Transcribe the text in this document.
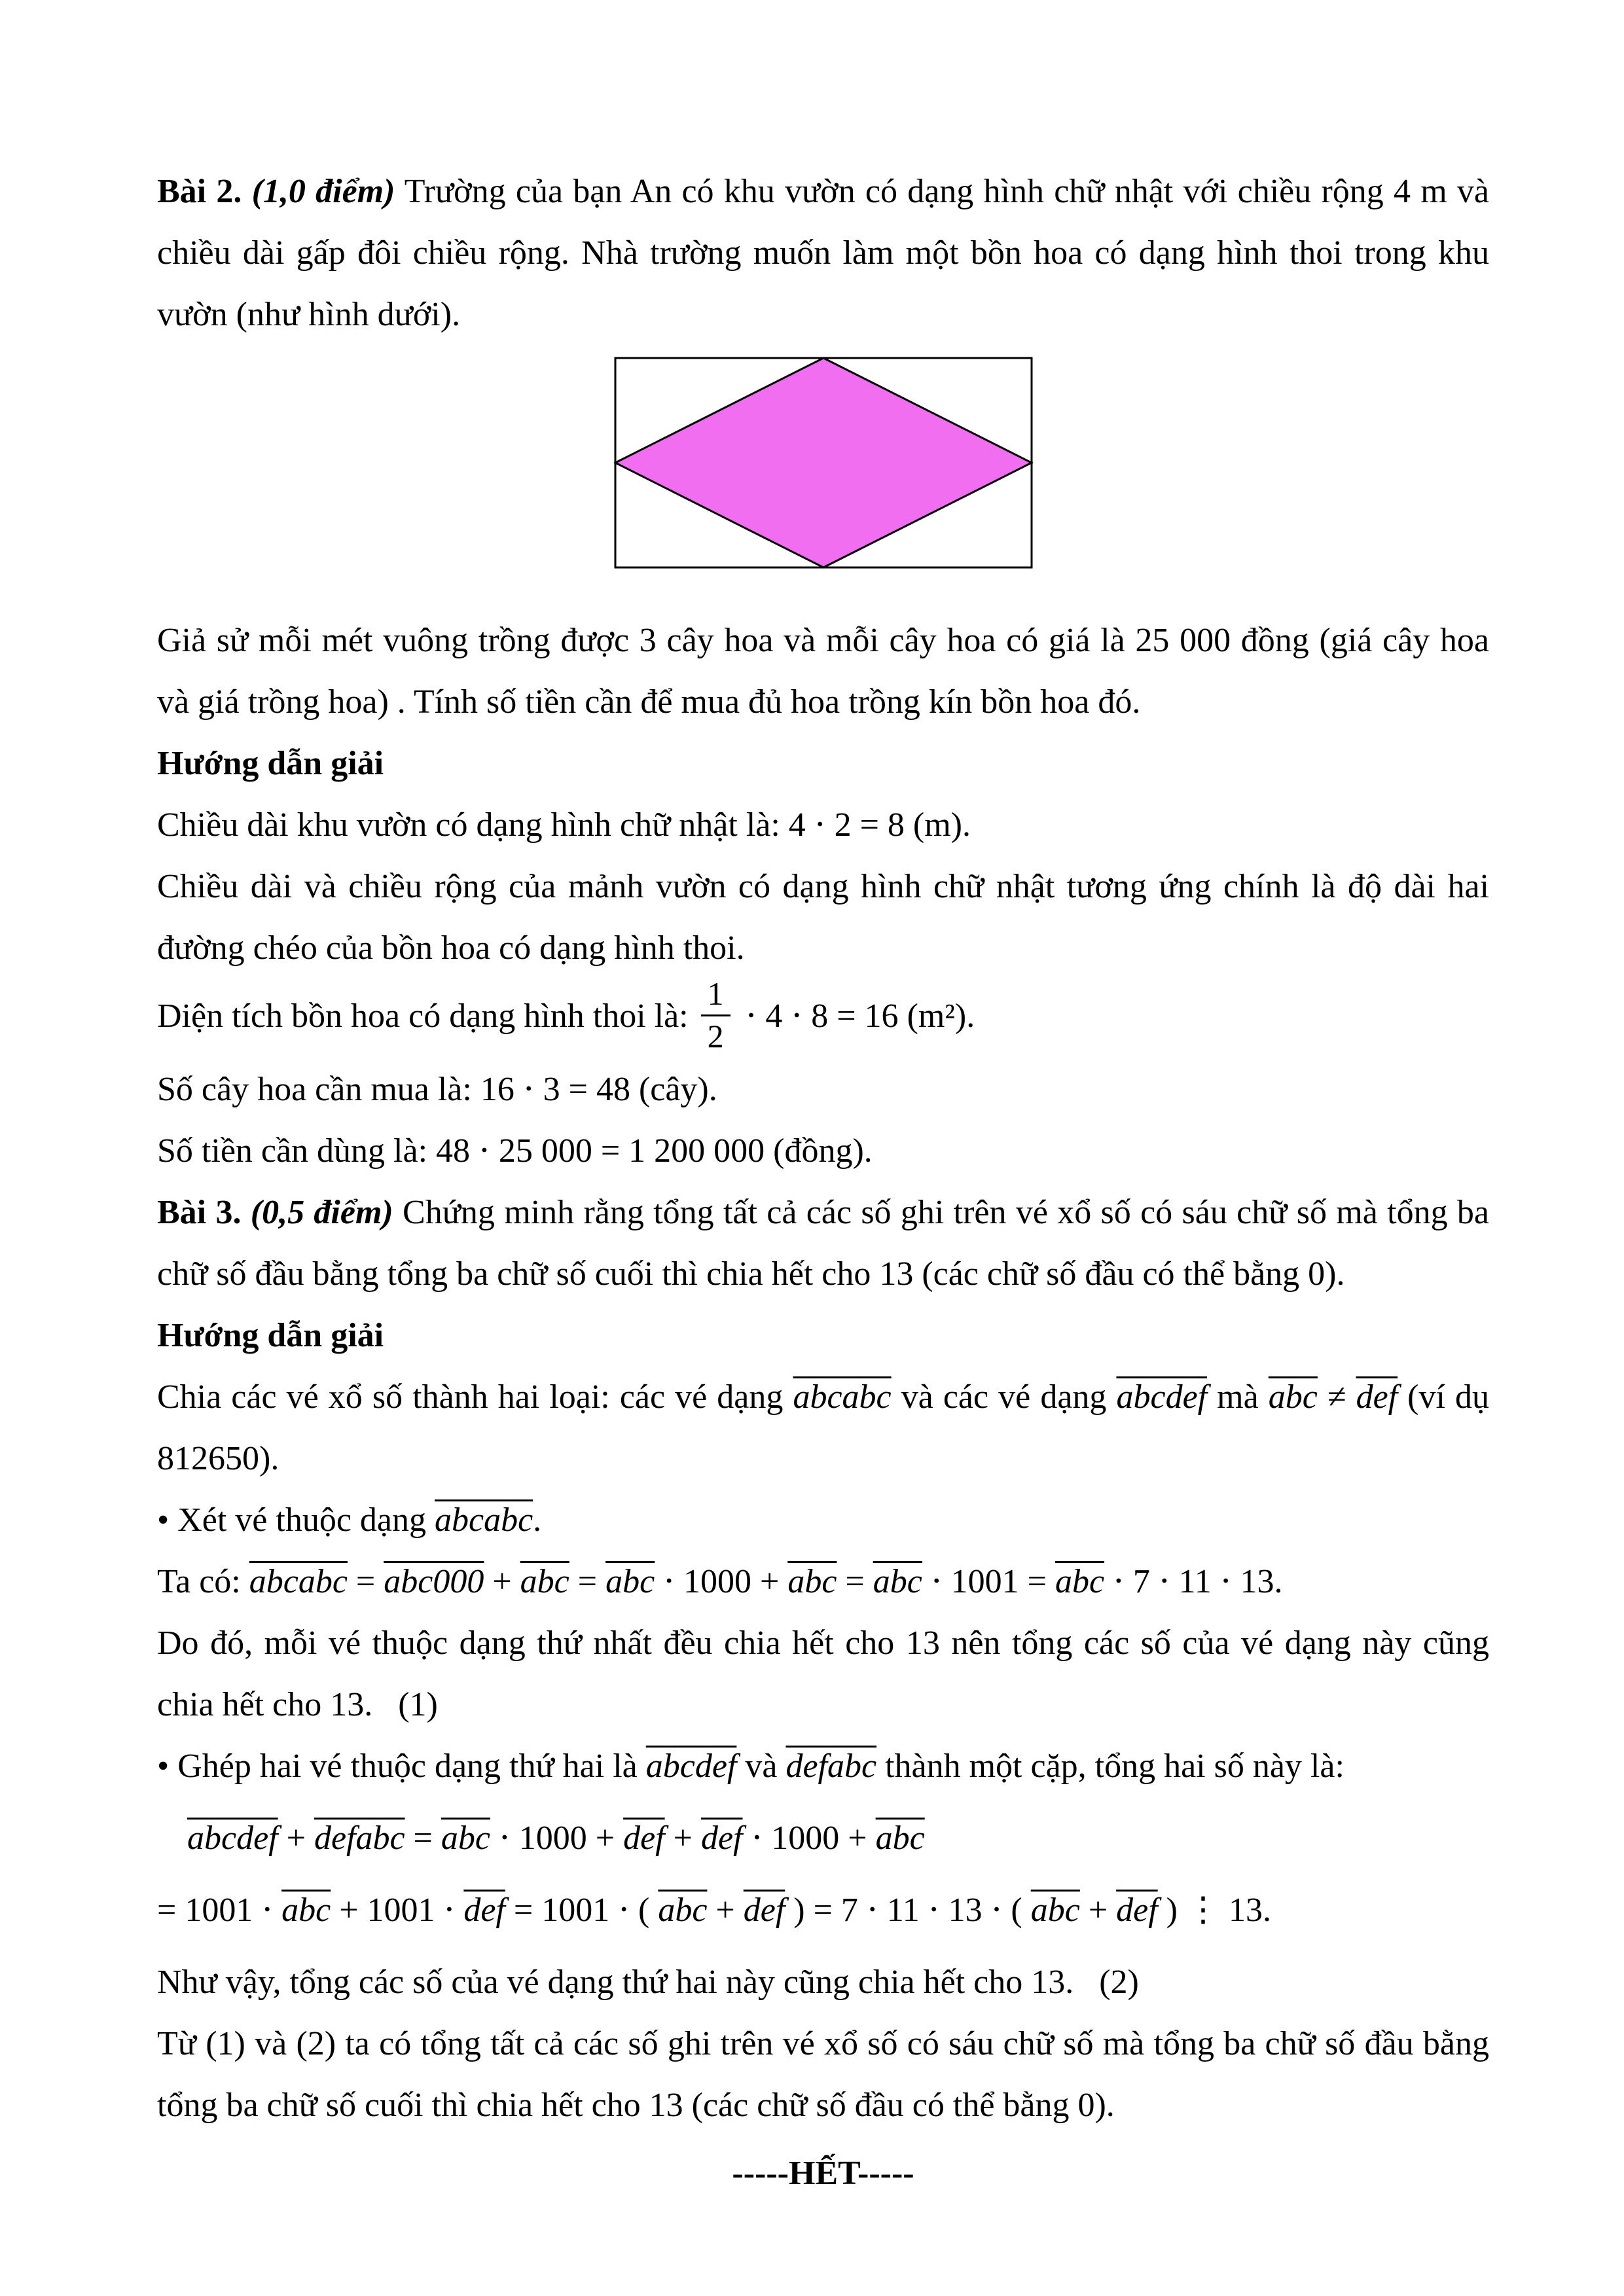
Bài 2. (1,0 điểm) Trường của bạn An có khu vườn có dạng hình chữ nhật với chiều rộng 4 m và chiều dài gấp đôi chiều rộng. Nhà trường muốn làm một bồn hoa có dạng hình thoi trong khu vườn (như hình dưới).

Giả sử mỗi mét vuông trồng được 3 cây hoa và mỗi cây hoa có giá là 25 000 đồng (giá cây hoa và giá trồng hoa) . Tính số tiền cần để mua đủ hoa trồng kín bồn hoa đó.

Hướng dẫn giải

Chiều dài khu vườn có dạng hình chữ nhật là: 4 ⋅ 2 = 8 (m).

Chiều dài và chiều rộng của mảnh vườn có dạng hình chữ nhật tương ứng chính là độ dài hai đường chéo của bồn hoa có dạng hình thoi.

Diện tích bồn hoa có dạng hình thoi là: $\frac{1}{2} \cdot 4 \cdot 8 = 16$ (m²).

Số cây hoa cần mua là: 16 ⋅ 3 = 48 (cây).

Số tiền cần dùng là: 48 ⋅ 25 000 = 1 200 000 (đồng).

Bài 3. (0,5 điểm) Chứng minh rằng tổng tất cả các số ghi trên vé xổ số có sáu chữ số mà tổng ba chữ số đầu bằng tổng ba chữ số cuối thì chia hết cho 13 (các chữ số đầu có thể bằng 0).

Hướng dẫn giải

Chia các vé xổ số thành hai loại: các vé dạng abcabc và các vé dạng abcdef mà $\overline{abc} \ne \overline{def}$ (ví dụ 812650).

• Xét vé thuộc dạng abcabc.

Ta có: abcabc = $abc000 + \overline{abc} = \overline{abc} \cdot 1000 + \overline{abc} = \overline{abc} \cdot 1001 = \overline{abc} \cdot 7 \cdot 11 \cdot 13$.

Do đó, mỗi vé thuộc dạng thứ nhất đều chia hết cho 13 nên tổng các số của vé dạng này cũng chia hết cho 13.  (1)

• Ghép hai vé thuộc dạng thứ hai là abcdef và defabc thành một cặp, tổng hai số này là:

abcdef + defabc = $\overline{abc} \cdot 1000 + \overline{def} + \overline{def} \cdot 1000 + \overline{abc}$

= $1001 \cdot \overline{abc} + 1001 \cdot \overline{def} = 1001$ ⋅ ( $\overline{abc} + \overline{def}$ ) = 7 ⋅ 11 ⋅ 13 ⋅ ( $\overline{abc} + \overline{def}$ ) ⋮ 13.

Như vậy, tổng các số của vé dạng thứ hai này cũng chia hết cho 13.  (2)

Từ (1) và (2) ta có tổng tất cả các số ghi trên vé xổ số có sáu chữ số mà tổng ba chữ số đầu bằng tổng ba chữ số cuối thì chia hết cho 13 (các chữ số đầu có thể bằng 0).

-----HẾT-----
